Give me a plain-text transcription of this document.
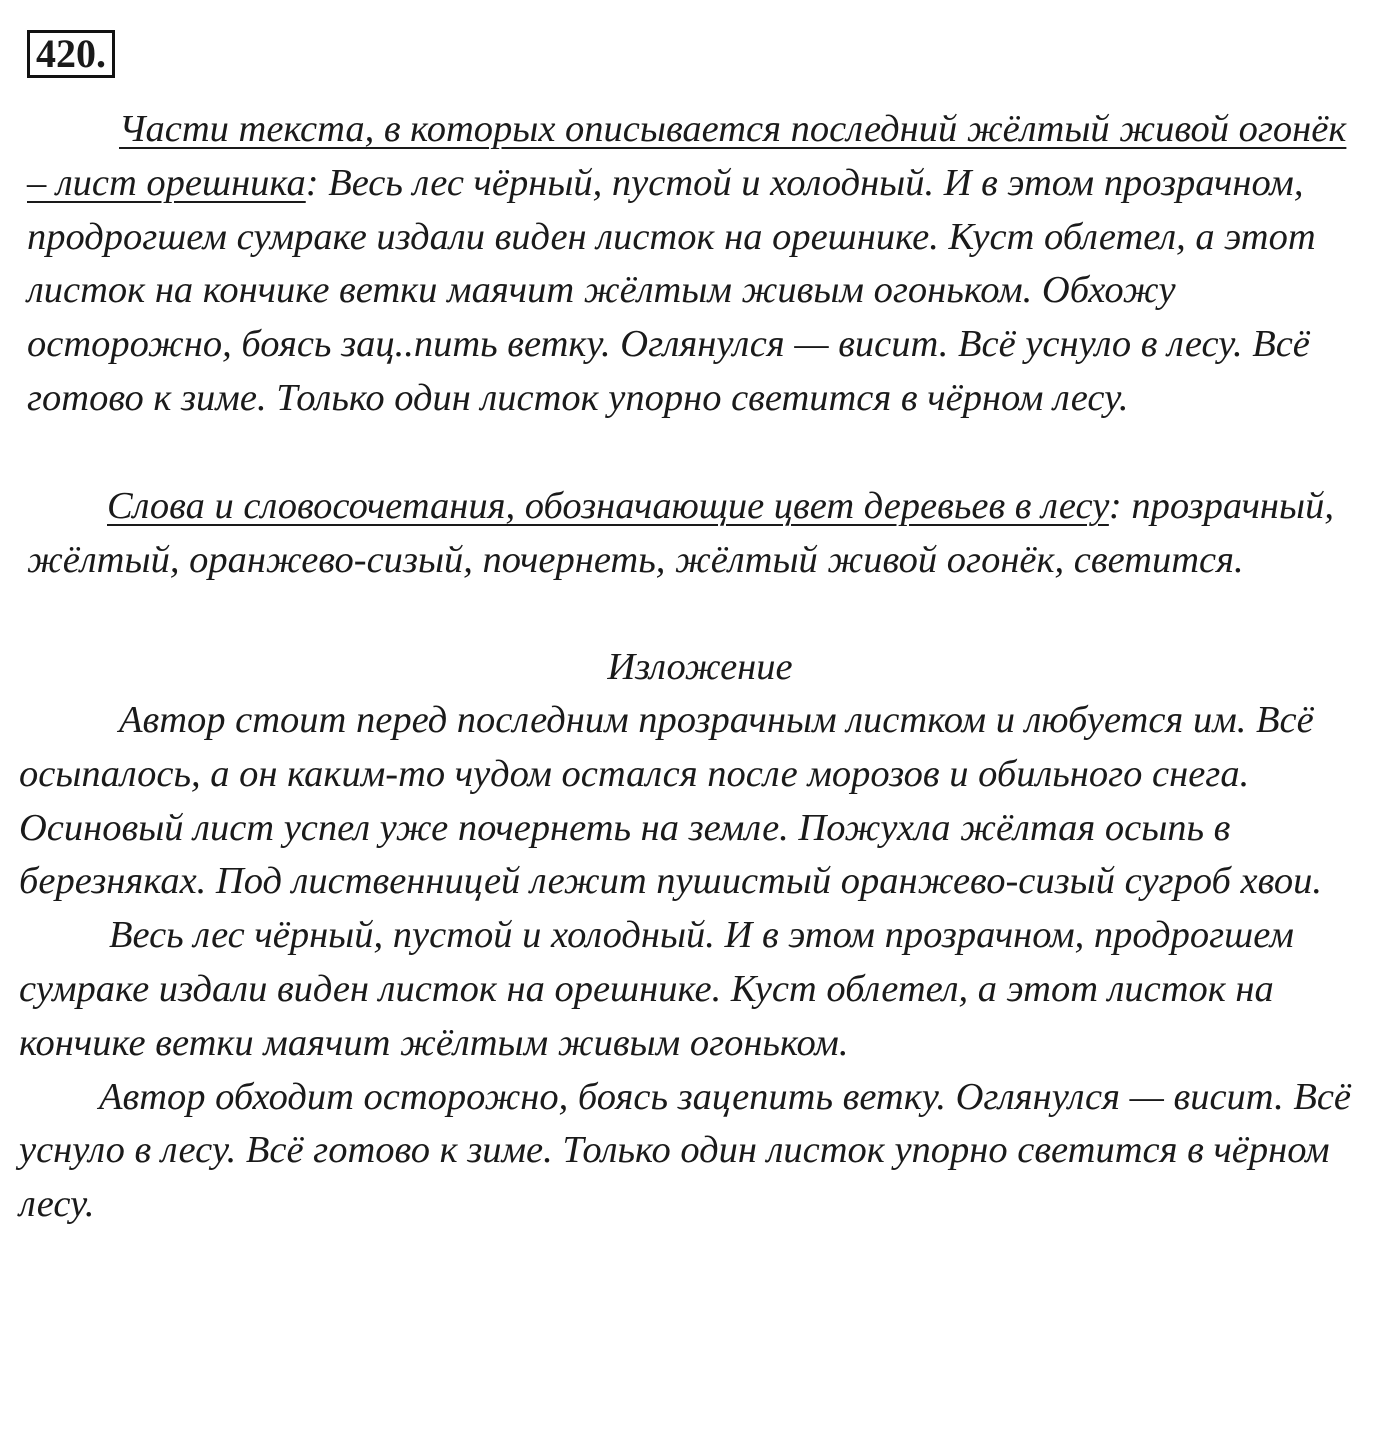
420.

Части текста, в которых описывается последний жёлтый живой огонёк – лист орешника: Весь лес чёрный, пустой и холодный. И в этом прозрачном, продрогшем сумраке издали виден листок на орешнике. Куст облетел, а этот листок на кончике ветки маячит жёлтым живым огоньком. Обхожу осторожно, боясь зац..пить ветку. Оглянулся — висит. Всё уснуло в лесу. Всё готово к зиме. Только один листок упорно светится в чёрном лесу.

Слова и словосочетания, обозначающие цвет деревьев в лесу: прозрачный, жёлтый, оранжево-сизый, почернеть, жёлтый живой огонёк, светится.

Изложение

Автор стоит перед последним прозрачным листком и любуется им. Всё осыпалось, а он каким-то чудом остался после морозов и обильного снега. Осиновый лист успел уже почернеть на земле. Пожухла жёлтая осыпь в березняках. Под лиственницей лежит пушистый оранжево-сизый сугроб хвои.

Весь лес чёрный, пустой и холодный. И в этом прозрачном, продрогшем сумраке издали виден листок на орешнике. Куст облетел, а этот листок на кончике ветки маячит жёлтым живым огоньком.

Автор обходит осторожно, боясь зацепить ветку. Оглянулся — висит. Всё уснуло в лесу. Всё готово к зиме. Только один листок упорно светится в чёрном лесу.
